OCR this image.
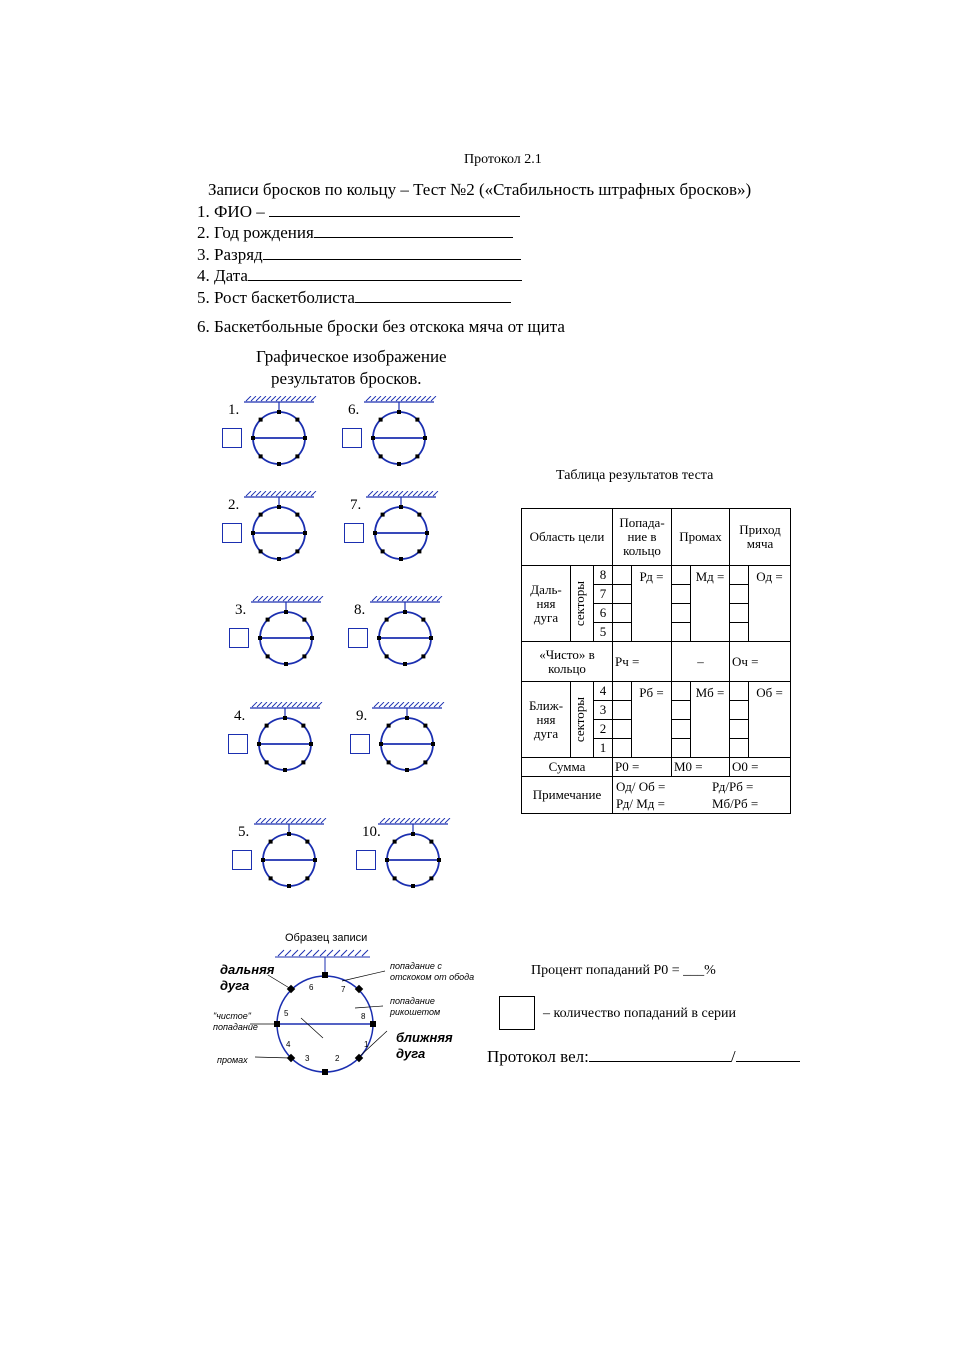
Протокол 2.1
Записи бросков по кольцу – Тест №2 («Стабильность штрафных бросков»)
1. ФИО –
2. Год рождения
3. Разряд
4. Дата
5. Рост баскетболиста
6. Баскетбольные броски без отскока мяча от щита
Графическое изображение
результатов бросков.
1.
2.
3.
4.
5.
6.
7.
8.
9.
10.
Таблица результатов теста
Область цели			Попада-ние в кольцо		Промах		Приход мяча	
Даль-няя дуга	секторы	8		Рд =		Мд =		Од =
		7						
		6						
		5						
«Чисто» в кольцо			Рч =		–		Оч =	
Ближ-няя дуга	секторы	4		Рб =		Мб =		Об =
		3						
		2						
		1						
Сумма			Р0 =		М0 =		О0 =	
Примечание			Од/ Об = Рд/Рб =
Рд/ Мд = Мб/Рб =					
Образец записи
дальняя дуга
"чистое" попадание
промах
попадание с отскоком от обода
попадание рикошетом
ближняя дуга
1
2
3
4
5
6	7
8
Процент попаданий Р0 = ___%
– количество попаданий в серии
Протокол вел:	/
